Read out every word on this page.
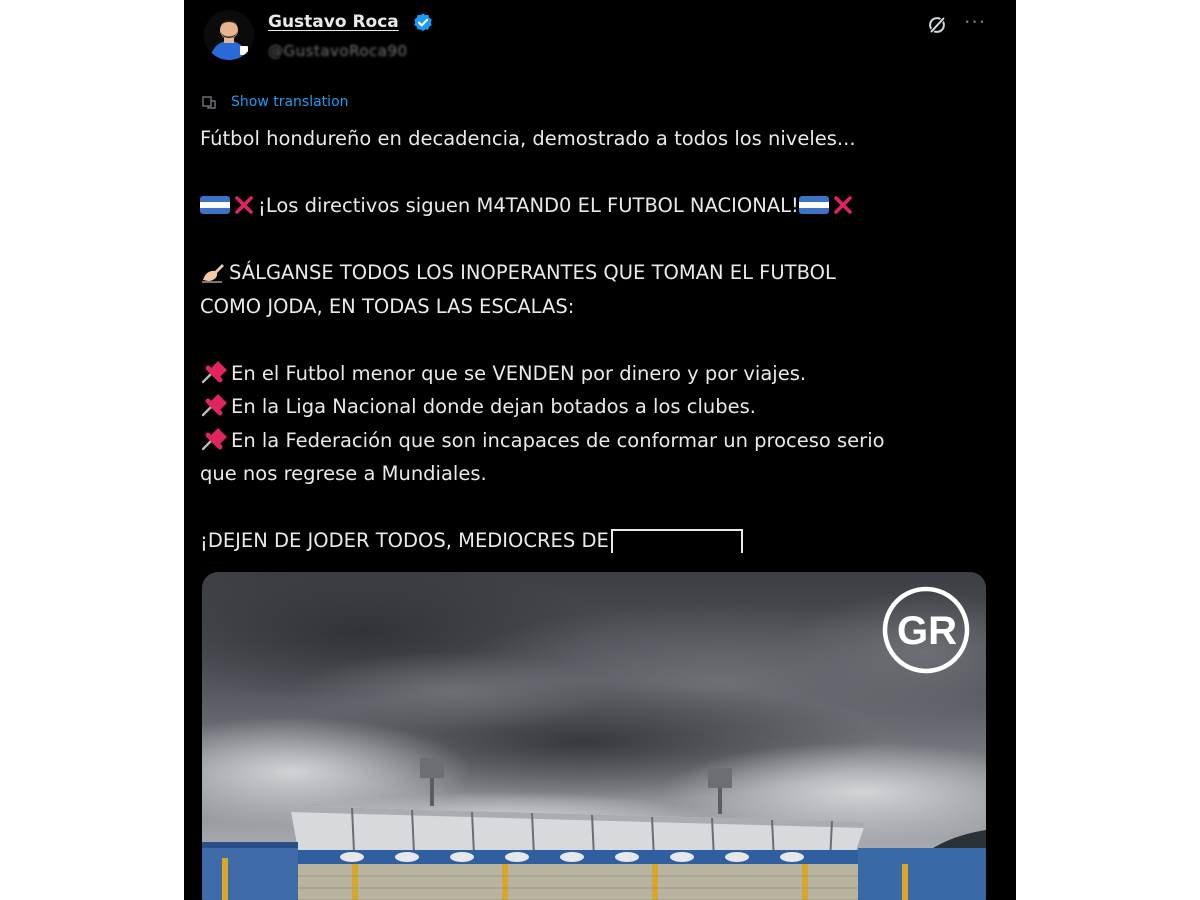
Gustavo Roca
@GustavoRoca90
···
Show translation

Fútbol hondureño en decadencia, demostrado a todos los niveles...

¡Los directivos siguen M4TAND0 EL FUTBOL NACIONAL!

SÁLGANSE TODOS LOS INOPERANTES QUE TOMAN EL FUTBOL

COMO JODA, EN TODAS LAS ESCALAS:

En el Futbol menor que se VENDEN por dinero y por viajes.

En la Liga Nacional donde dejan botados a los clubes.

En la Federación que son incapaces de conformar un proceso serio

que nos regrese a Mundiales.

¡DEJEN DE JODER TODOS, MEDIOCRES DE

GR
